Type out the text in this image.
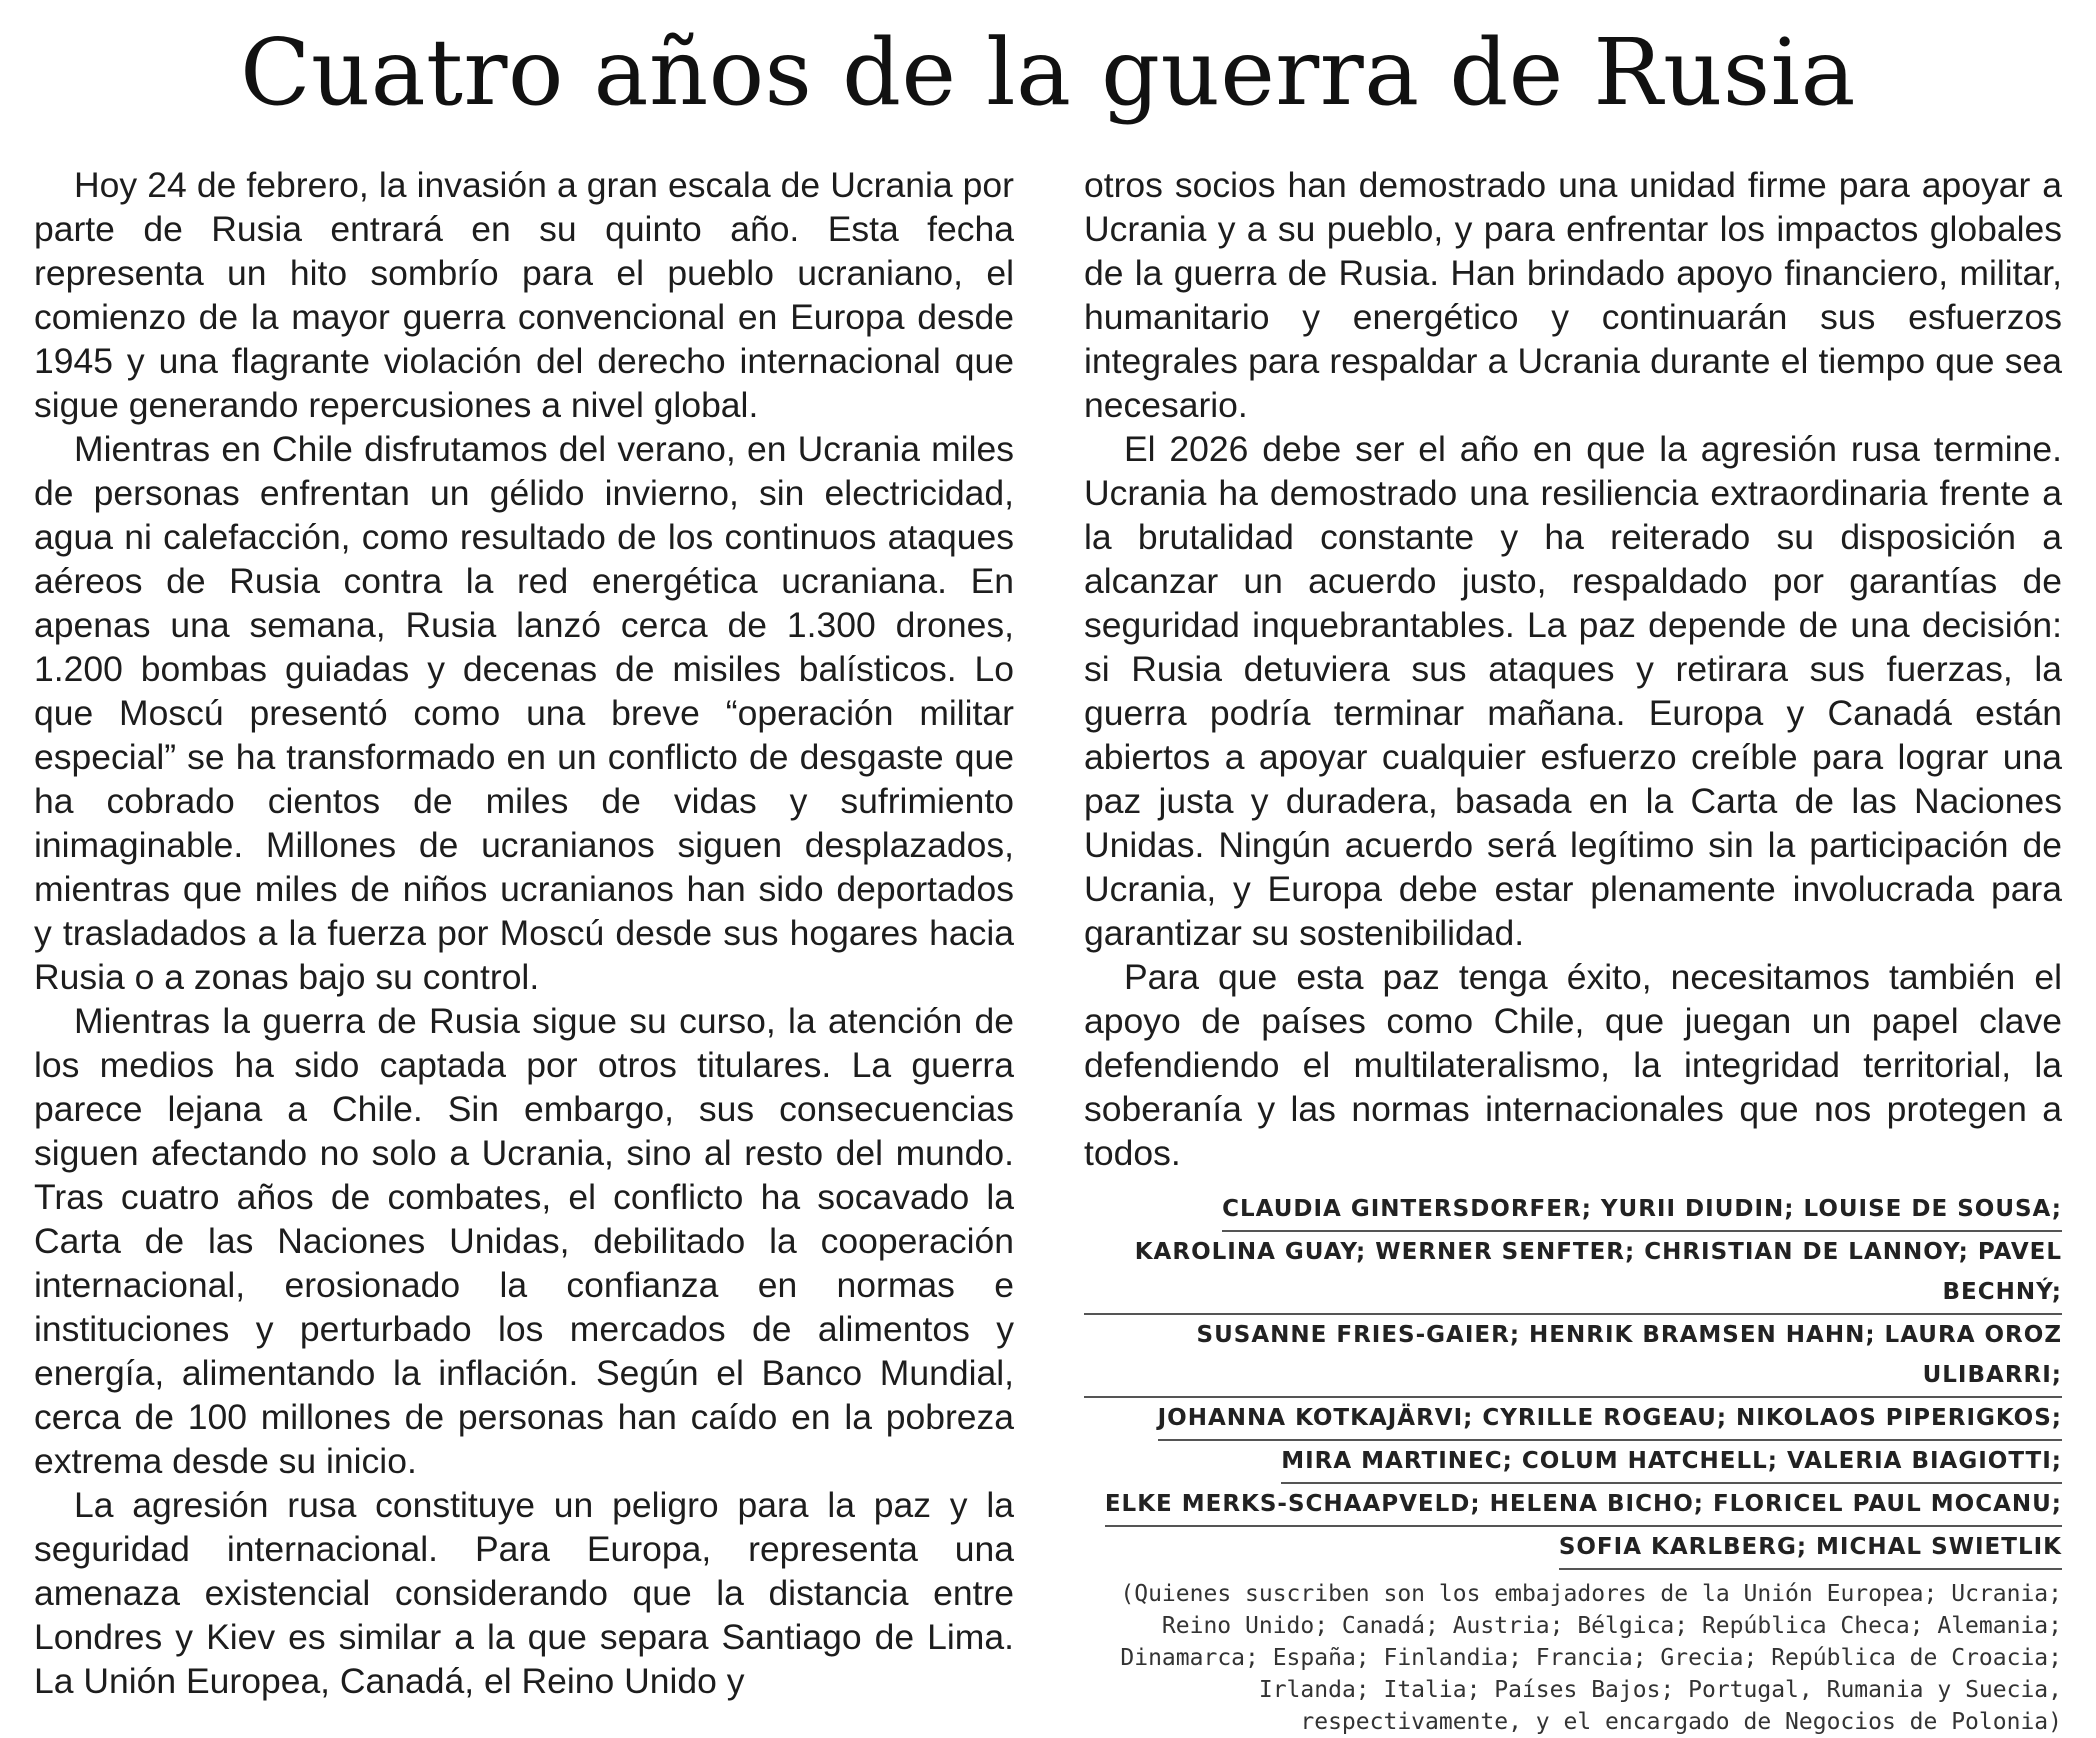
Cuatro años de la guerra de Rusia

Hoy 24 de febrero, la invasión a gran escala de Ucrania por parte de Rusia entrará en su quinto año. Esta fecha representa un hito sombrío para el pueblo ucraniano, el comienzo de la mayor guerra convencional en Europa desde 1945 y una flagrante violación del derecho internacional que sigue generando repercusiones a nivel global.

Mientras en Chile disfrutamos del verano, en Ucrania miles de personas enfrentan un gélido invierno, sin electricidad, agua ni calefacción, como resultado de los continuos ataques aéreos de Rusia contra la red energética ucraniana. En apenas una semana, Rusia lanzó cerca de 1.300 drones, 1.200 bombas guiadas y decenas de misiles balísticos. Lo que Moscú presentó como una breve “operación militar especial” se ha transformado en un conflicto de desgaste que ha cobrado cientos de miles de vidas y sufrimiento inimaginable. Millones de ucranianos siguen desplazados, mientras que miles de niños ucranianos han sido deportados y trasladados a la fuerza por Moscú desde sus hogares hacia Rusia o a zonas bajo su control.

Mientras la guerra de Rusia sigue su curso, la atención de los medios ha sido captada por otros titulares. La guerra parece lejana a Chile. Sin embargo, sus consecuencias siguen afectando no solo a Ucrania, sino al resto del mundo. Tras cuatro años de combates, el conflicto ha socavado la Carta de las Naciones Unidas, debilitado la cooperación internacional, erosionado la confianza en normas e instituciones y perturbado los mercados de alimentos y energía, alimentando la inflación. Según el Banco Mundial, cerca de 100 millones de personas han caído en la pobreza extrema desde su inicio.

La agresión rusa constituye un peligro para la paz y la seguridad internacional. Para Europa, representa una amenaza existencial considerando que la distancia entre Londres y Kiev es similar a la que separa Santiago de Lima. La Unión Europea, Canadá, el Reino Unido y

otros socios han demostrado una unidad firme para apoyar a Ucrania y a su pueblo, y para enfrentar los impactos globales de la guerra de Rusia. Han brindado apoyo financiero, militar, humanitario y energético y continuarán sus esfuerzos integrales para respaldar a Ucrania durante el tiempo que sea necesario.

El 2026 debe ser el año en que la agresión rusa termine. Ucrania ha demostrado una resiliencia extraordinaria frente a la brutalidad constante y ha reiterado su disposición a alcanzar un acuerdo justo, respaldado por garantías de seguridad inquebrantables. La paz depende de una decisión: si Rusia detuviera sus ataques y retirara sus fuerzas, la guerra podría terminar mañana. Europa y Canadá están abiertos a apoyar cualquier esfuerzo creíble para lograr una paz justa y duradera, basada en la Carta de las Naciones Unidas. Ningún acuerdo será legítimo sin la participación de Ucrania, y Europa debe estar plenamente involucrada para garantizar su sostenibilidad.

Para que esta paz tenga éxito, necesitamos también el apoyo de países como Chile, que juegan un papel clave defendiendo el multilateralismo, la integridad territorial, la soberanía y las normas internacionales que nos protegen a todos.

CLAUDIA GINTERSDORFER; YURII DIUDIN; LOUISE DE SOUSA;
KAROLINA GUAY; WERNER SENFTER; CHRISTIAN DE LANNOY; PAVEL BECHNÝ;
SUSANNE FRIES-GAIER; HENRIK BRAMSEN HAHN; LAURA OROZ ULIBARRI;
JOHANNA KOTKAJÄRVI; CYRILLE ROGEAU; NIKOLAOS PIPERIGKOS;
MIRA MARTINEC; COLUM HATCHELL; VALERIA BIAGIOTTI;
ELKE MERKS-SCHAAPVELD; HELENA BICHO; FLORICEL PAUL MOCANU;
SOFIA KARLBERG; MICHAL SWIETLIK
(Quienes suscriben son los embajadores de la Unión Europea; Ucrania; Reino Unido; Canadá; Austria; Bélgica; República Checa; Alemania; Dinamarca; España; Finlandia; Francia; Grecia; República de Croacia; Irlanda; Italia; Países Bajos; Portugal, Rumania y Suecia, respectivamente, y el encargado de Negocios de Polonia)
